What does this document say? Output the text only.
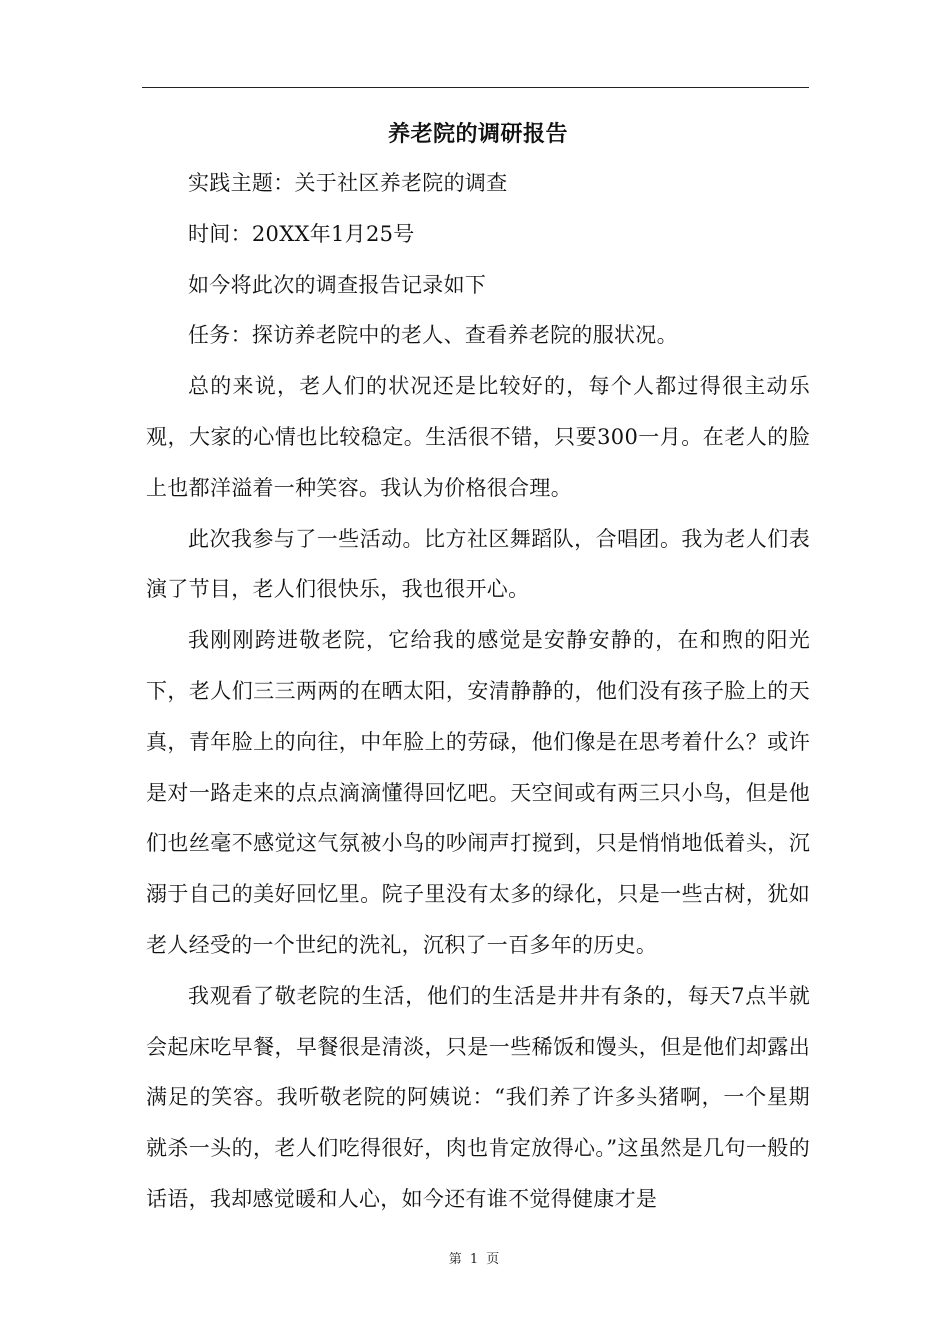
养老院的调研报告

实践主题：关于社区养老院的调查

时间：20XX年1月25号

如今将此次的调查报告记录如下

任务：探访养老院中的老人、查看养老院的服状况。

总的来说，老人们的状况还是比较好的，每个人都过得很主动乐观，大家的心情也比较稳定。生活很不错，只要300一月。在老人的脸上也都洋溢着一种笑容。我认为价格很合理。

此次我参与了一些活动。比方社区舞蹈队，合唱团。我为老人们表演了节目，老人们很快乐，我也很开心。

我刚刚跨进敬老院，它给我的感觉是安静安静的，在和煦的阳光下，老人们三三两两的在晒太阳，安清静静的，他们没有孩子脸上的天真，青年脸上的向往，中年脸上的劳碌，他们像是在思考着什么？或许是对一路走来的点点滴滴懂得回忆吧。天空间或有两三只小鸟，但是他们也丝毫不感觉这气氛被小鸟的吵闹声打搅到，只是悄悄地低着头，沉溺于自己的美好回忆里。院子里没有太多的绿化，只是一些古树，犹如老人经受的一个世纪的洗礼，沉积了一百多年的历史。

我观看了敬老院的生活，他们的生活是井井有条的，每天7点半就会起床吃早餐，早餐很是清淡，只是一些稀饭和馒头，但是他们却露出满足的笑容。我听敬老院的阿姨说：“我们养了许多头猪啊，一个星期就杀一头的，老人们吃得很好，肉也肯定放得心。”这虽然是几句一般的话语，我却感觉暖和人心，如今还有谁不觉得健康才是

第 1 页
